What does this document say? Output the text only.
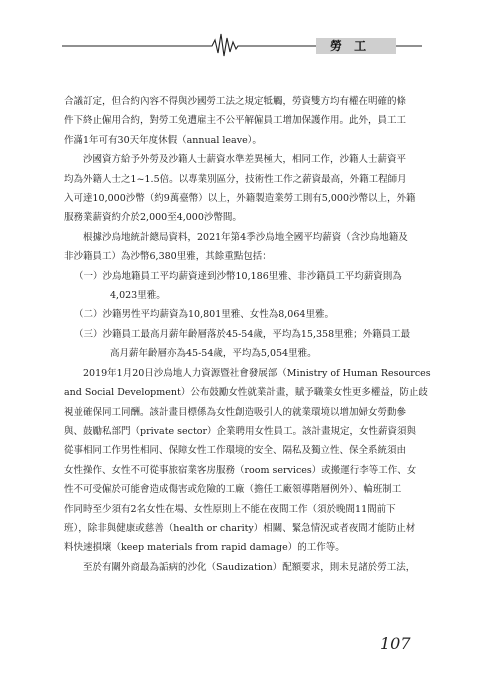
勞 工

合議訂定，但合約內容不得與沙國勞工法之規定牴觸，勞資雙方均有權在明確的條
件下終止僱用合約，對勞工免遭雇主不公平解僱員工增加保護作用。此外，員工工
作滿1年可有30天年度休假（annual leave）。

沙國資方給予外勞及沙籍人士薪資水準差異極大，相同工作，沙籍人士薪資平
均為外籍人士之1~1.5倍。以專業別區分，技術性工作之薪資最高，外籍工程師月
入可達10,000沙幣（約9萬臺幣）以上，外籍製造業勞工則有5,000沙幣以上，外籍
服務業薪資約介於2,000至4,000沙幣間。

根據沙烏地統計總局資料，2021年第4季沙烏地全國平均薪資（含沙烏地籍及
非沙籍員工）為沙幣6,380里雅，其餘重點包括：

（一）沙烏地籍員工平均薪資達到沙幣10,186里雅、非沙籍員工平均薪資則為
4,023里雅。

（二）沙籍男性平均薪資為10,801里雅、女性為8,064里雅。

（三）沙籍員工最高月薪年齡層落於45-54歲，平均為15,358里雅；外籍員工最
高月薪年齡層亦為45-54歲，平均為5,054里雅。

2019年1月20日沙烏地人力資源暨社會發展部（Ministry of Human Resources
and Social Development）公布鼓勵女性就業計畫，賦予職業女性更多權益，防止歧
視並確保同工同酬。該計畫目標係為女性創造吸引人的就業環境以增加婦女勞動參
與、鼓勵私部門（private sector）企業聘用女性員工。該計畫規定，女性薪資須與
從事相同工作男性相同、保障女性工作環境的安全、隔私及獨立性、保全系統須由
女性操作、女性不可從事旅宿業客房服務（room services）或搬運行李等工作、女
性不可受僱於可能會造成傷害或危險的工廠（擔任工廠領導階層例外）、輪班制工
作同時至少須有2名女性在場、女性原則上不能在夜間工作（須於晚間11間前下
班），除非與健康或慈善（health or charity）相關、緊急情況或者夜間才能防止材
料快速損壞（keep materials from rapid damage）的工作等。

至於有關外商最為詬病的沙化（Saudization）配額要求，則未見諸於勞工法，

107
